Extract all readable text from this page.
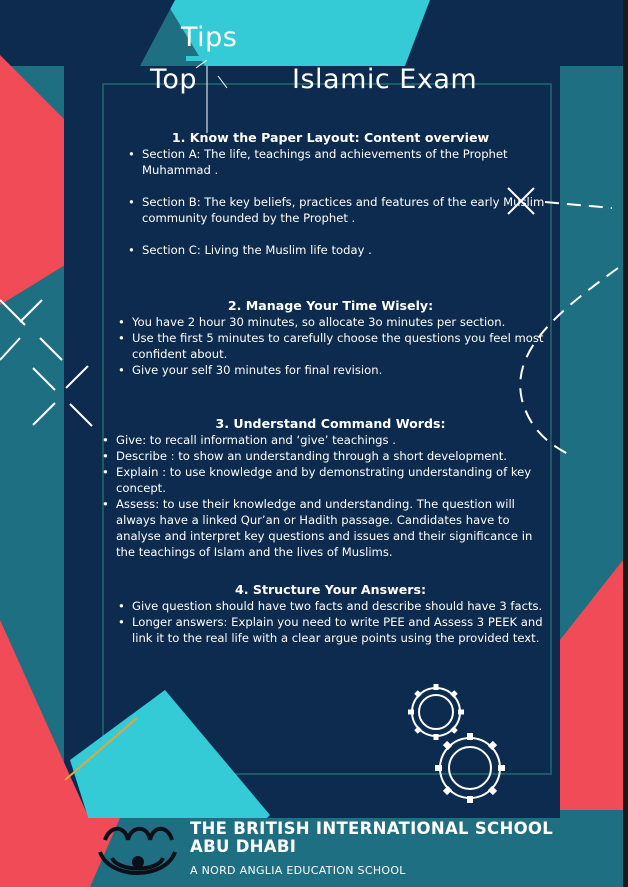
Tips
Top	Islamic Exam

1. Know the Paper Layout: Content overview

• Section A: The life, teachings and achievements of the Prophet Muhammad .
• Section B: The key beliefs, practices and features of the early Muslim community founded by the Prophet .
• Section C: Living the Muslim life today .

2. Manage Your Time Wisely:

• You have 2 hour 30 minutes, so allocate 3o minutes per section.
• Use the first 5 minutes to carefully choose the questions you feel most confident about.
• Give your self 30 minutes for final revision.

3. Understand Command Words:

• Give: to recall information and ‘give’ teachings .
• Describe : to show an understanding through a short development.
• Explain : to use knowledge and by demonstrating understanding of key concept.
• Assess: to use their knowledge and understanding. The question will always have a linked Qur’an or Hadith passage. Candidates have to analyse and interpret key questions and issues and their significance in the teachings of Islam and the lives of Muslims.

4. Structure Your Answers:

• Give question should have two facts and describe should have 3 facts.
• Longer answers: Explain you need to write PEE and Assess 3 PEEK and link it to the real life with a clear argue points using the provided text.
THE BRITISH INTERNATIONAL SCHOOL
ABU DHABI
A NORD ANGLIA EDUCATION SCHOOL
